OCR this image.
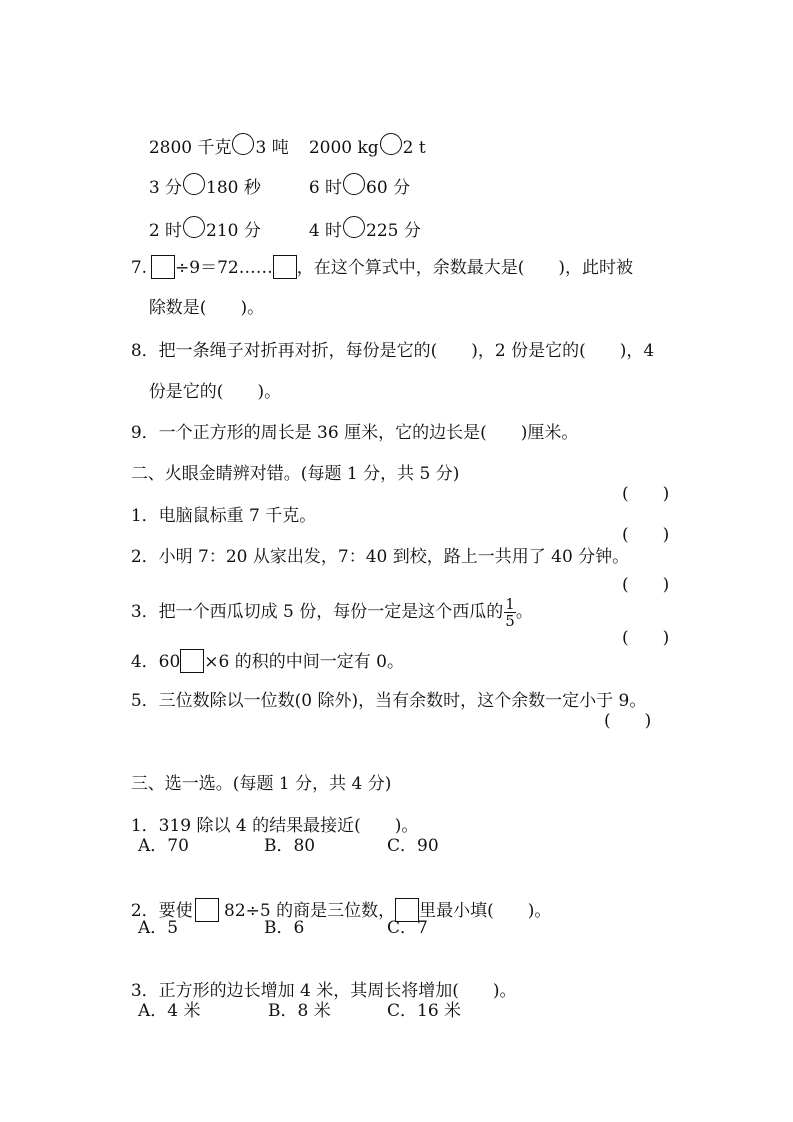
2800 千克 3 吨	2000 kg 2 t

3 分 180 秒	6 时 60 分

2 时 210 分	4 时 225 分

7. ÷9＝72…… ，在这个算式中，余数最大是(　　)，此时被

除数是(　　)。

8．把一条绳子对折再对折，每份是它的(　　)，2 份是它的(　　)，4

份是它的(　　)。

9．一个正方形的周长是 36 厘米，它的边长是(　　)厘米。

二、火眼金睛辨对错。(每题 1 分，共 5 分)

1．电脑鼠标重 7 千克。

(　　)

2．小明 7：20 从家出发，7：40 到校，路上一共用了 40 分钟。

(　　)

3．把一个西瓜切成 5 份，每份一定是这个西瓜的 $\frac{1}{5}$ 。

(　　)

4．60 ×6 的积的中间一定有 0。

(　　)

5．三位数除以一位数(0 除外)，当有余数时，这个余数一定小于 9。

(　　)

三、选一选。(每题 1 分，共 4 分)

1．319 除以 4 的结果最接近(　　)。

A．70	B．80	C．90

2．要使 82÷5 的商是三位数， 里最小填(　　)。

A．5	B．6	C．7

3．正方形的边长增加 4 米，其周长将增加(　　)。

A．4 米	B．8 米	C．16 米
